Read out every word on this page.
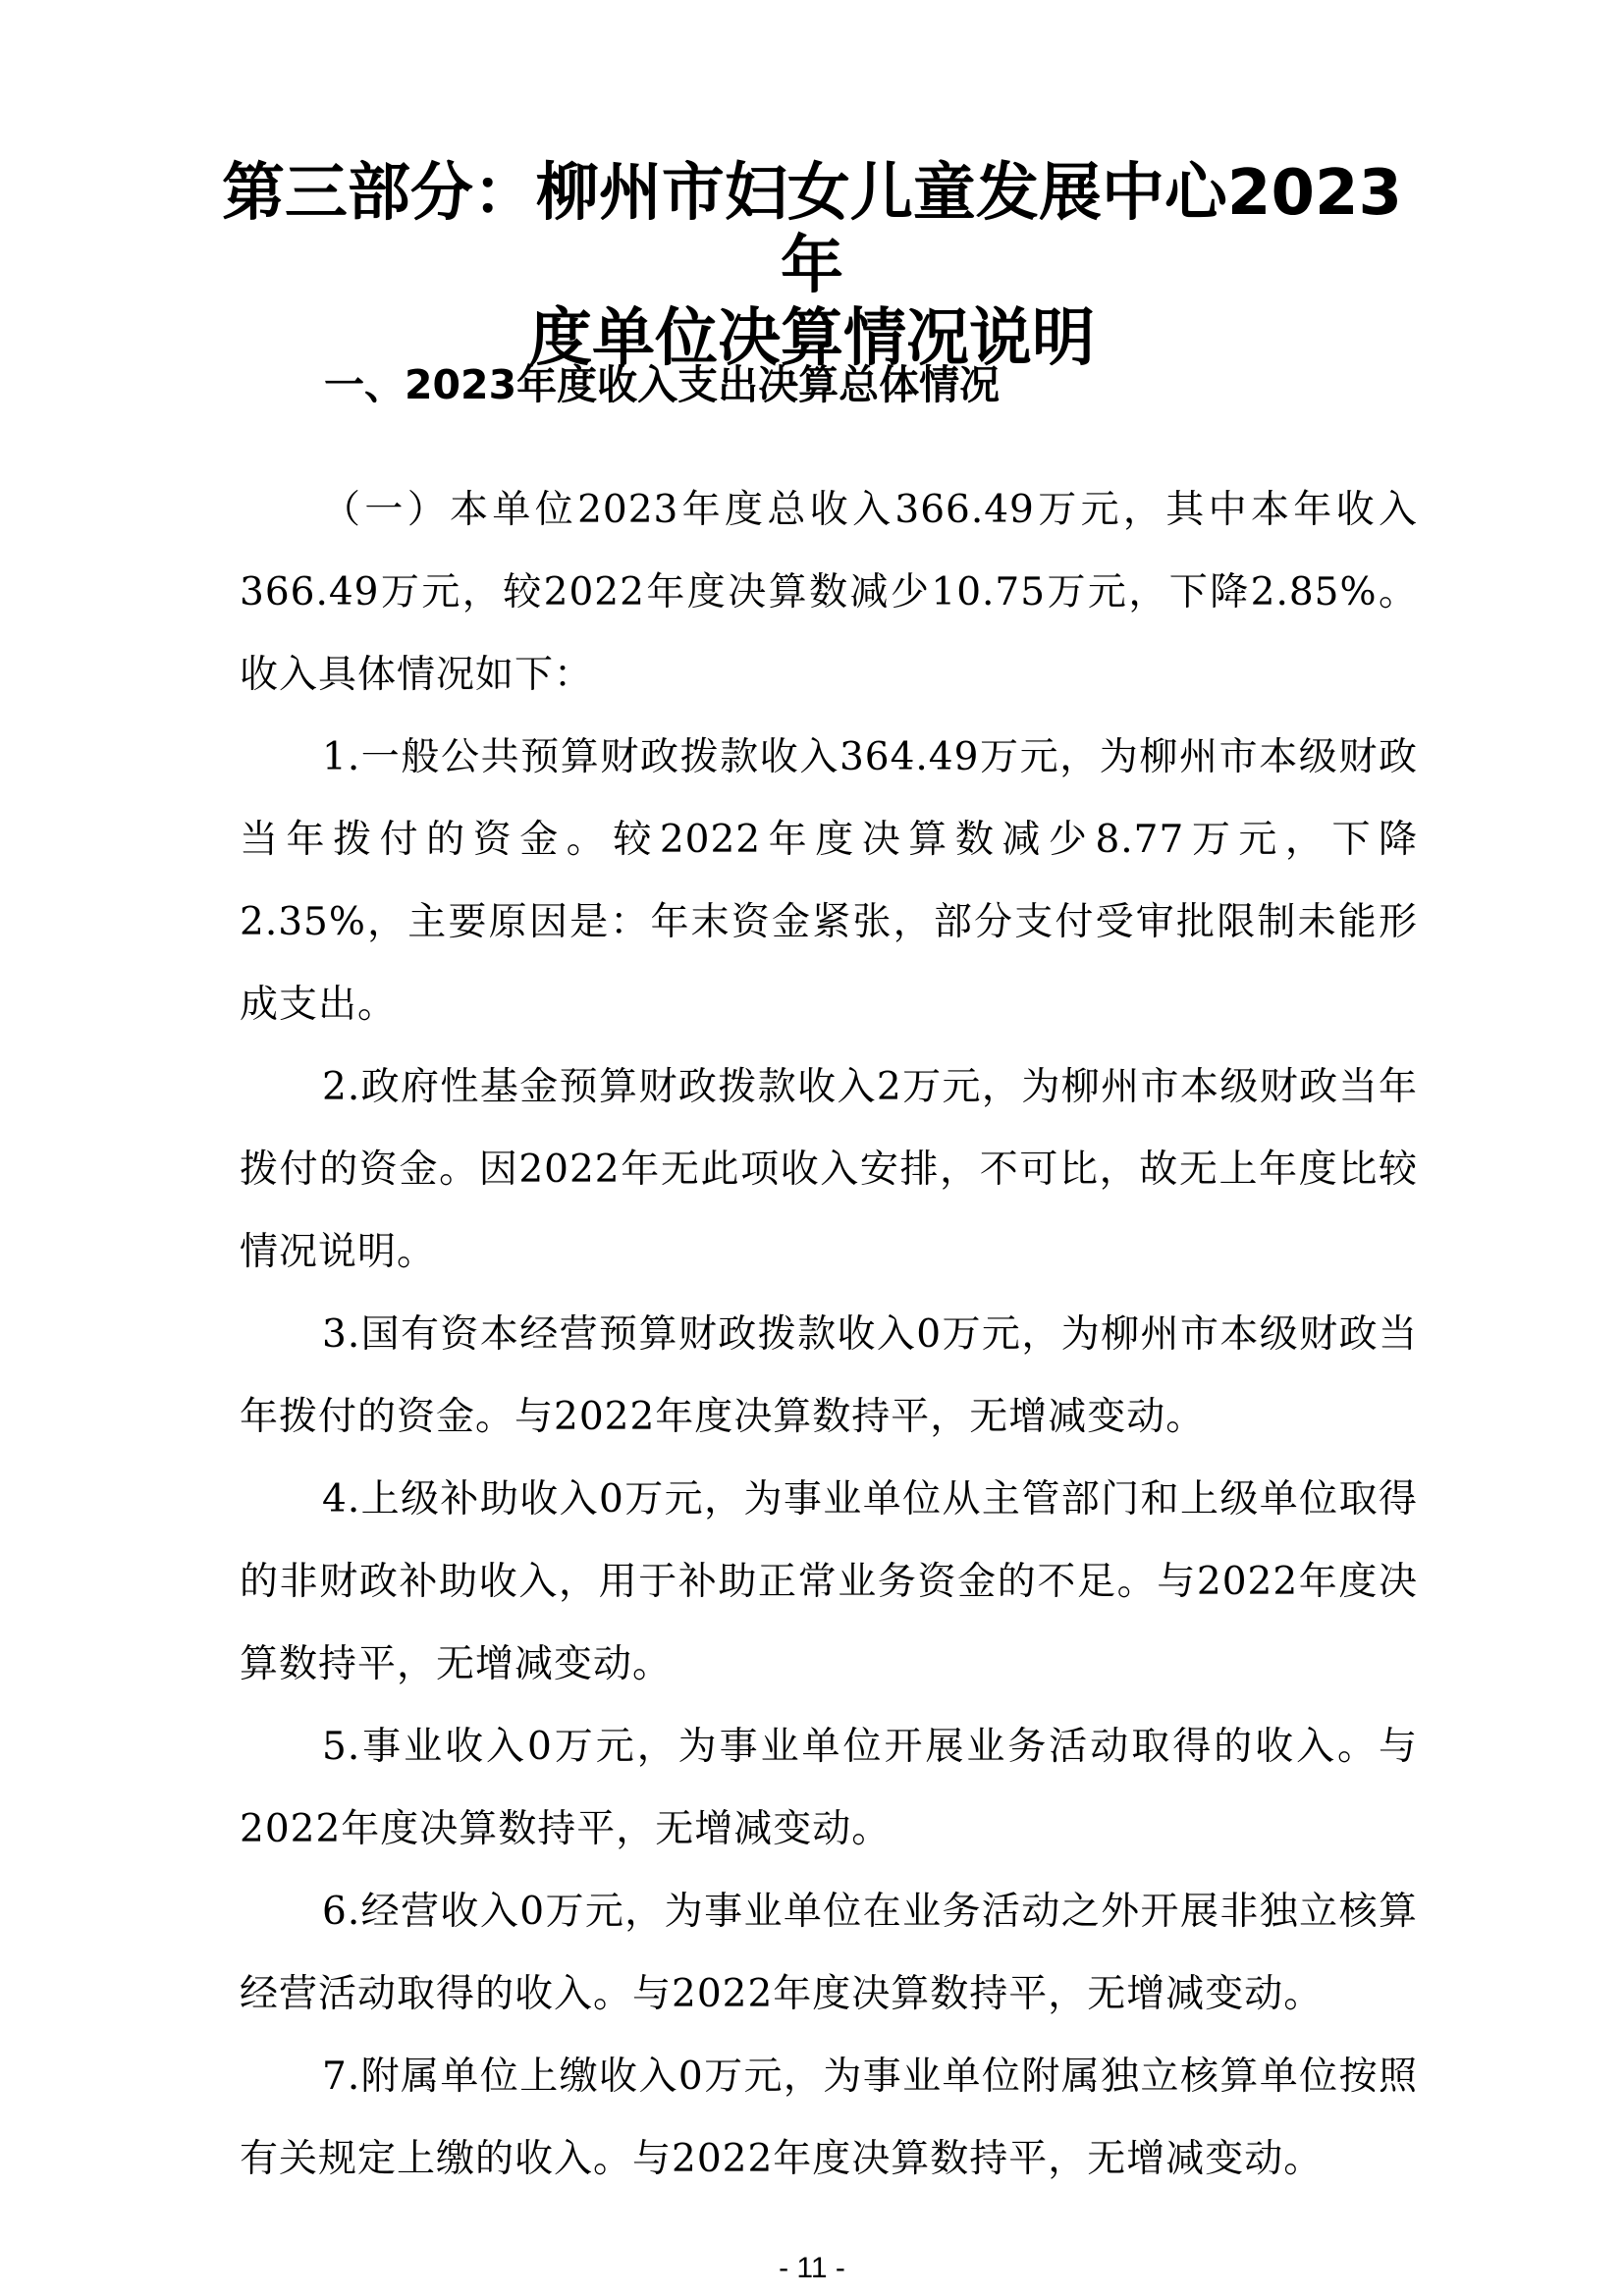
第三部分：柳州市妇女儿童发展中心2023年
度单位决算情况说明
一、2023年度收入支出决算总体情况

（一）本单位2023年度总收入366.49万元，其中本年收入366.49万元，较2022年度决算数减少10.75万元，下降2.85%。收入具体情况如下：

1.一般公共预算财政拨款收入364.49万元，为柳州市本级财政当年拨付的资金。较2022年度决算数减少8.77万元，下降2.35%，主要原因是：年末资金紧张，部分支付受审批限制未能形成支出。

2.政府性基金预算财政拨款收入2万元，为柳州市本级财政当年拨付的资金。因2022年无此项收入安排，不可比，故无上年度比较情况说明。

3.国有资本经营预算财政拨款收入0万元，为柳州市本级财政当年拨付的资金。与2022年度决算数持平，无增减变动。

4.上级补助收入0万元，为事业单位从主管部门和上级单位取得的非财政补助收入，用于补助正常业务资金的不足。与2022年度决算数持平，无增减变动。

5.事业收入0万元，为事业单位开展业务活动取得的收入。与2022年度决算数持平，无增减变动。

6.经营收入0万元，为事业单位在业务活动之外开展非独立核算经营活动取得的收入。与2022年度决算数持平，无增减变动。

7.附属单位上缴收入0万元，为事业单位附属独立核算单位按照有关规定上缴的收入。与2022年度决算数持平，无增减变动。

- 11 -
